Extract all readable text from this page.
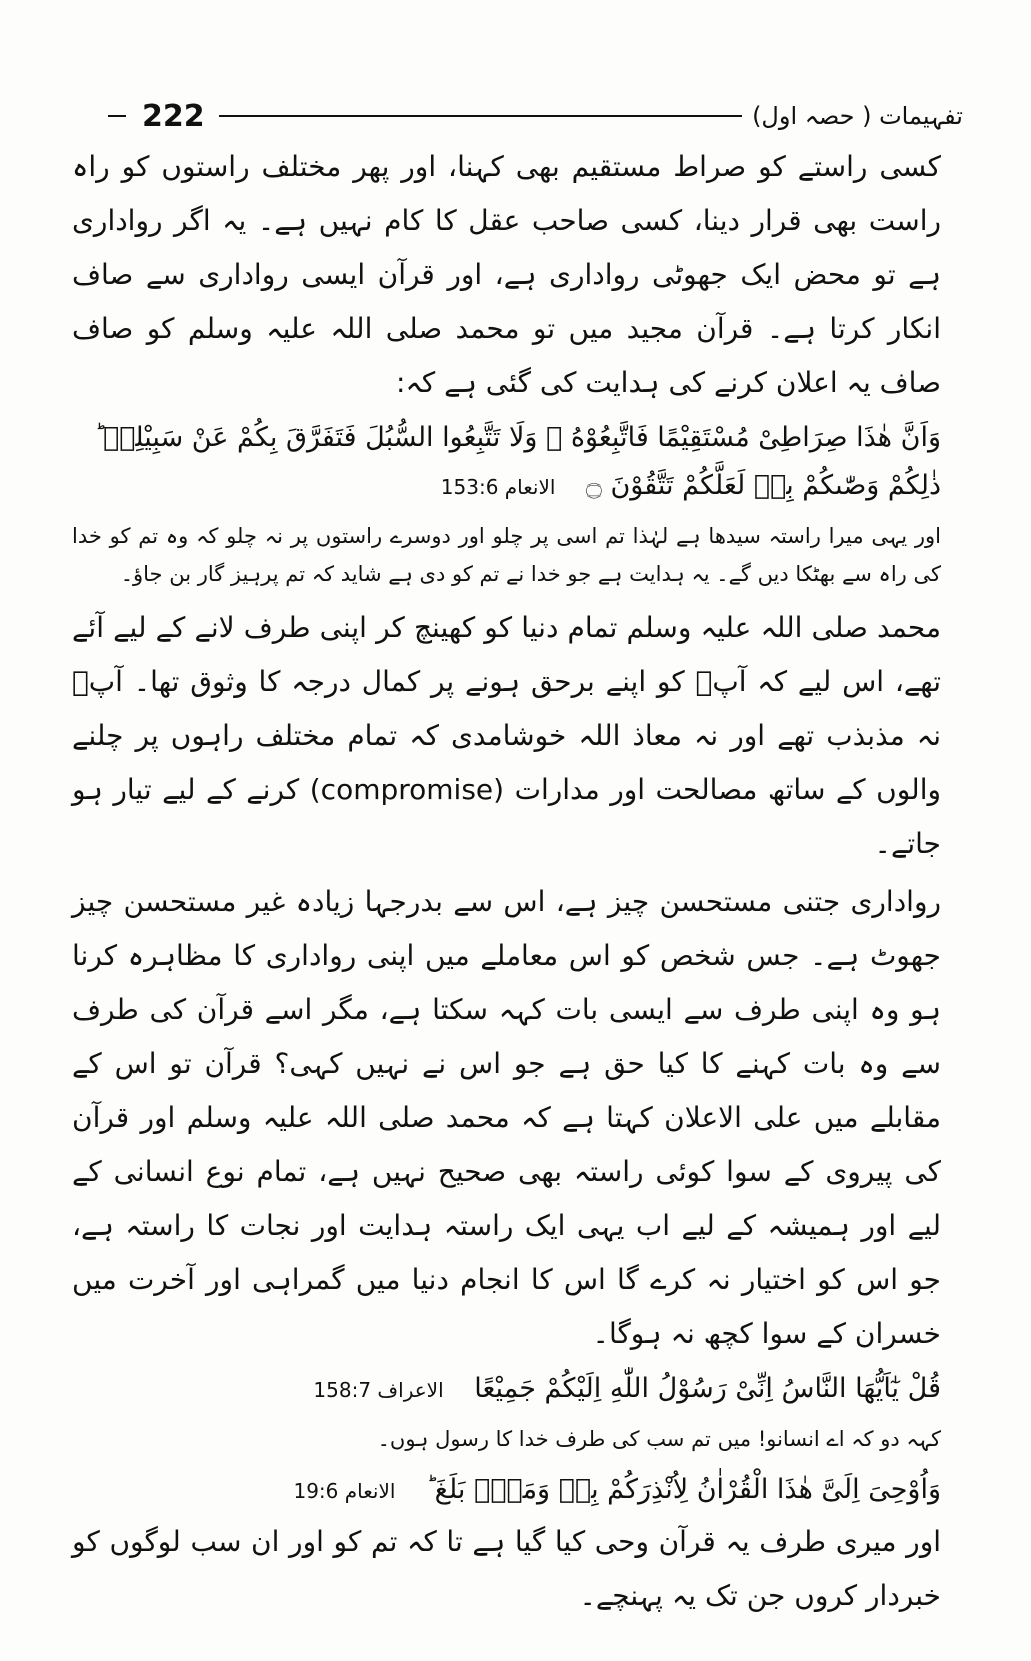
222	تفہیمات ( حصہ اول)

کسی راستے کو صراط مستقیم بھی کہنا، اور پھر مختلف راستوں کو راہ راست بھی قرار دینا، کسی صاحب عقل کا کام نہیں ہے۔ یہ اگر رواداری ہے تو محض ایک جھوٹی رواداری ہے، اور قرآن ایسی رواداری سے صاف انکار کرتا ہے۔ قرآن مجید میں تو محمد صلی اللہ علیہ وسلم کو صاف صاف یہ اعلان کرنے کی ہدایت کی گئی ہے کہ:

وَاَنَّ هٰذَا صِرَاطِىْ مُسْتَقِيْمًا فَاتَّبِعُوْهُ ۚ وَلَا تَتَّبِعُوا السُّبُلَ فَتَفَرَّقَ بِكُمْ عَنْ سَبِيْلِهٖ ؕ
ذٰلِكُمْ وَصّٰىكُمْ بِهٖ لَعَلَّكُمْ تَتَّقُوْنَ ۝ الانعام 153:6

اور یہی میرا راستہ سیدھا ہے لہٰذا تم اسی پر چلو اور دوسرے راستوں پر نہ چلو کہ وہ تم کو خدا کی راہ سے بھٹکا دیں گے۔ یہ ہدایت ہے جو خدا نے تم کو دی ہے شاید کہ تم پرہیز گار بن جاؤ۔

محمد صلی اللہ علیہ وسلم تمام دنیا کو کھینچ کر اپنی طرف لانے کے لیے آئے تھے، اس لیے کہ آپؐ کو اپنے برحق ہونے پر کمال درجہ کا وثوق تھا۔ آپؐ نہ مذبذب تھے اور نہ معاذ اللہ خوشامدی کہ تمام مختلف راہوں پر چلنے والوں کے ساتھ مصالحت اور مدارات (compromise) کرنے کے لیے تیار ہو جاتے۔

رواداری جتنی مستحسن چیز ہے، اس سے بدرجہا زیادہ غیر مستحسن چیز جھوٹ ہے۔ جس شخص کو اس معاملے میں اپنی رواداری کا مظاہرہ کرنا ہو وہ اپنی طرف سے ایسی بات کہہ سکتا ہے، مگر اسے قرآن کی طرف سے وہ بات کہنے کا کیا حق ہے جو اس نے نہیں کہی؟ قرآن تو اس کے مقابلے میں علی الاعلان کہتا ہے کہ محمد صلی اللہ علیہ وسلم اور قرآن کی پیروی کے سوا کوئی راستہ بھی صحیح نہیں ہے، تمام نوع انسانی کے لیے اور ہمیشہ کے لیے اب یہی ایک راستہ ہدایت اور نجات کا راستہ ہے، جو اس کو اختیار نہ کرے گا اس کا انجام دنیا میں گمراہی اور آخرت میں خسران کے سوا کچھ نہ ہوگا۔

قُلْ يٰٓاَيُّهَا النَّاسُ اِنِّىْ رَسُوْلُ اللّٰهِ اِلَيْكُمْ جَمِيْعًا الاعراف 158:7

کہہ دو کہ اے انسانو! میں تم سب کی طرف خدا کا رسول ہوں۔

وَاُوْحِىَ اِلَىَّ هٰذَا الْقُرْاٰنُ لِاُنْذِرَكُمْ بِهٖ وَمَنْۢ بَلَغَ ؕ الانعام 19:6

اور میری طرف یہ قرآن وحی کیا گیا ہے تا کہ تم کو اور ان سب لوگوں کو خبردار کروں جن تک یہ پہنچے۔
